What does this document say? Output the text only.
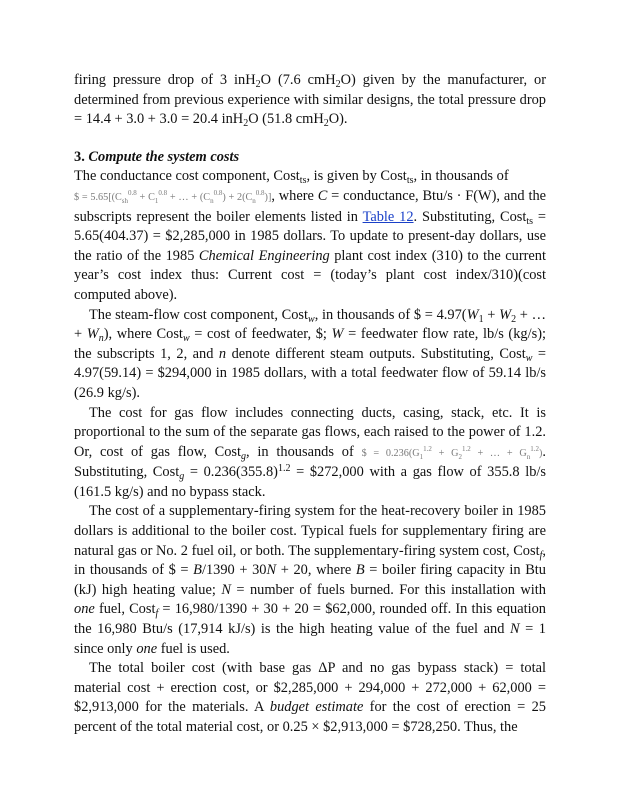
firing pressure drop of 3 inH$_2$O (7.6 cmH$_2$O) given by the manufacturer, or determined from previous experience with similar designs, the total pressure drop = 14.4 + 3.0 + 3.0 = 20.4 inH$_2$O (51.8 cmH$_2$O).

3. Compute the system costs

The conductance cost component, Cost$_{ts}$, is given by Cost$_{ts}$, in thousands of
$ = $5.65[(C_{sh}^{0.8} + C_1^{0.8}$ + … + $(C_n^{0.8}) + 2(C_n^{0.8})$], where C = conductance, Btu/s · F(W), and the subscripts represent the boiler elements listed in Table 12. Substituting, Cost$_{ts}$ = 5.65(404.37) = $2,285,000 in 1985 dollars. To update to present-day dollars, use the ratio of the 1985 Chemical Engineering plant cost index (310) to the current year’s cost index thus: Current cost = (today’s plant cost index/310)(cost computed above).

The steam-flow cost component, Cost$_w$, in thousands of $ = $4.97(W_1 + W_2$ + … + $W_n$), where Cost$_w$ = cost of feedwater, $; W = feedwater flow rate, lb/s (kg/s); the subscripts 1, 2, and n denote different steam outputs. Substituting, Cost$_w$ = 4.97(59.14) = $294,000 in 1985 dollars, with a total feedwater flow of 59.14 lb/s (26.9 kg/s).

The cost for gas flow includes connecting ducts, casing, stack, etc. It is proportional to the sum of the separate gas flows, each raised to the power of 1.2. Or, cost of gas flow, Cost$_g$, in thousands of $ = $0.236(G_1^{1.2} + G_2^{1.2}$ + … + $G_n^{1.2}$). Substituting, Cost$_g$ = $0.236(355.8)^{1.2}$ = $272,000 with a gas flow of 355.8 lb/s (161.5 kg/s) and no bypass stack.

The cost of a supplementary-firing system for the heat-recovery boiler in 1985 dollars is additional to the boiler cost. Typical fuels for supplementary firing are natural gas or No. 2 fuel oil, or both. The supplementary-firing system cost, Cost$_f$, in thousands of $ = B/1390 + 30N + 20, where B = boiler firing capacity in Btu (kJ) high heating value; N = number of fuels burned. For this installation with one fuel, Cost$_f$ = 16,980/1390 + 30 + 20 = $62,000, rounded off. In this equation the 16,980 Btu/s (17,914 kJ/s) is the high heating value of the fuel and N = 1 since only one fuel is used.

The total boiler cost (with base gas ΔP and no gas bypass stack) = total material cost + erection cost, or $2,285,000 + 294,000 + 272,000 + 62,000 = $2,913,000 for the materials. A budget estimate for the cost of erection = 25 percent of the total material cost, or 0.25 × $2,913,000 = $728,250. Thus, the
